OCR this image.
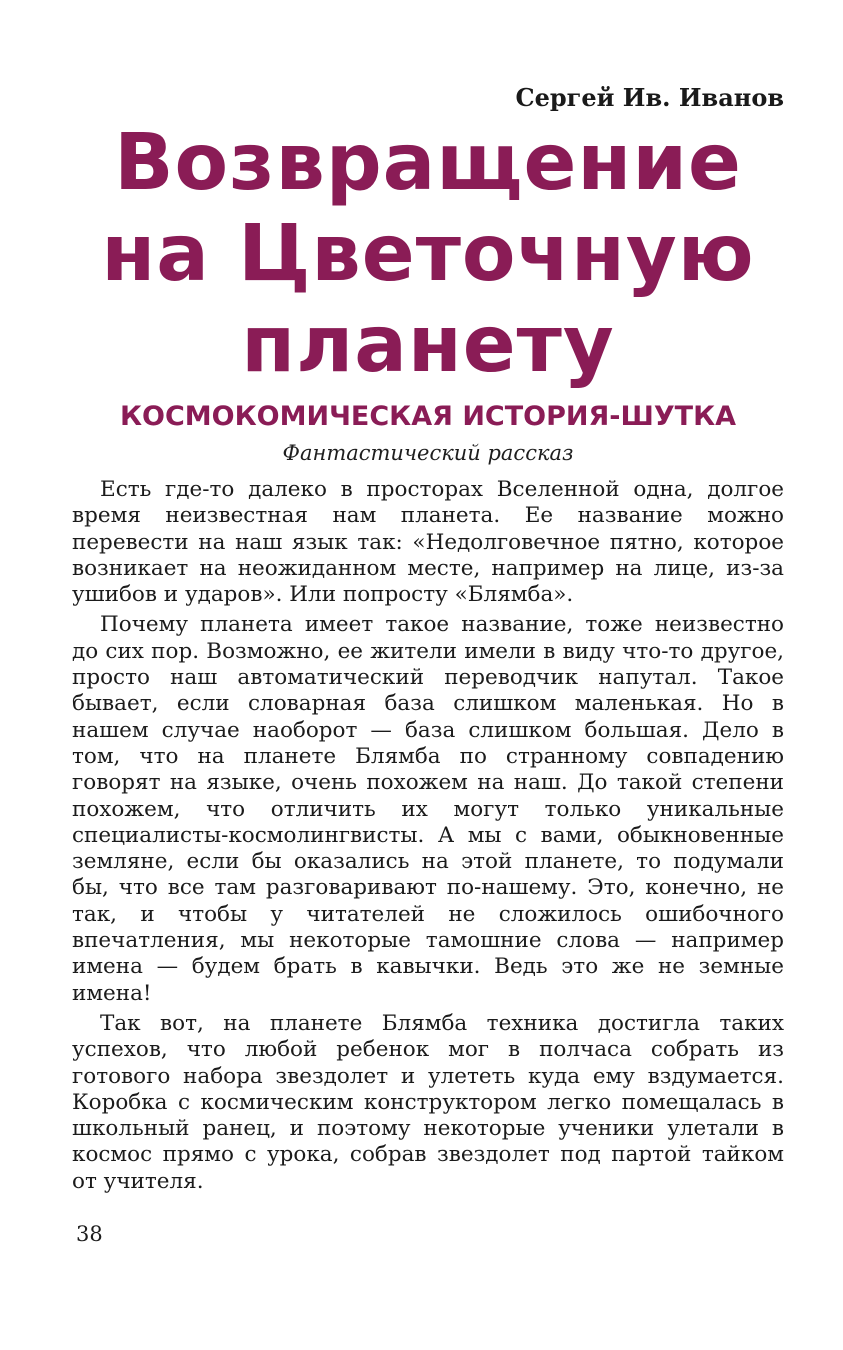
Сергей Ив. Иванов

Возвращение
на Цветочную
планету
КОСМОКОМИЧЕСКАЯ ИСТОРИЯ-ШУТКА

Фантастический рассказ

Есть где-то далеко в просторах Вселенной одна, долгое время неизвестная нам планета. Ее название можно перевести на наш язык так: «Недолговечное пятно, которое возникает на неожиданном месте, например на лице, из-за ушибов и ударов». Или попросту «Блямба».

Почему планета имеет такое название, тоже неизвестно до сих пор. Возможно, ее жители имели в виду что-то другое, просто наш автоматический переводчик напутал. Такое бывает, если словарная база слишком маленькая. Но в нашем случае наоборот — база слишком большая. Дело в том, что на планете Блямба по странному совпадению говорят на языке, очень похожем на наш. До такой степени похожем, что отличить их могут только уникальные специалисты-космолингвисты. А мы с вами, обыкновенные земляне, если бы оказались на этой планете, то подумали бы, что все там разговаривают по-нашему. Это, конечно, не так, и чтобы у читателей не сложилось ошибочного впечатления, мы некоторые тамошние слова — например имена — будем брать в кавычки. Ведь это же не земные имена!

Так вот, на планете Блямба техника достигла таких успехов, что любой ребенок мог в полчаса собрать из готового набора звездолет и улететь куда ему вздумается. Коробка с космическим конструктором легко помещалась в школьный ранец, и поэтому некоторые ученики улетали в космос прямо с урока, собрав звездолет под партой тайком от учителя.

38
